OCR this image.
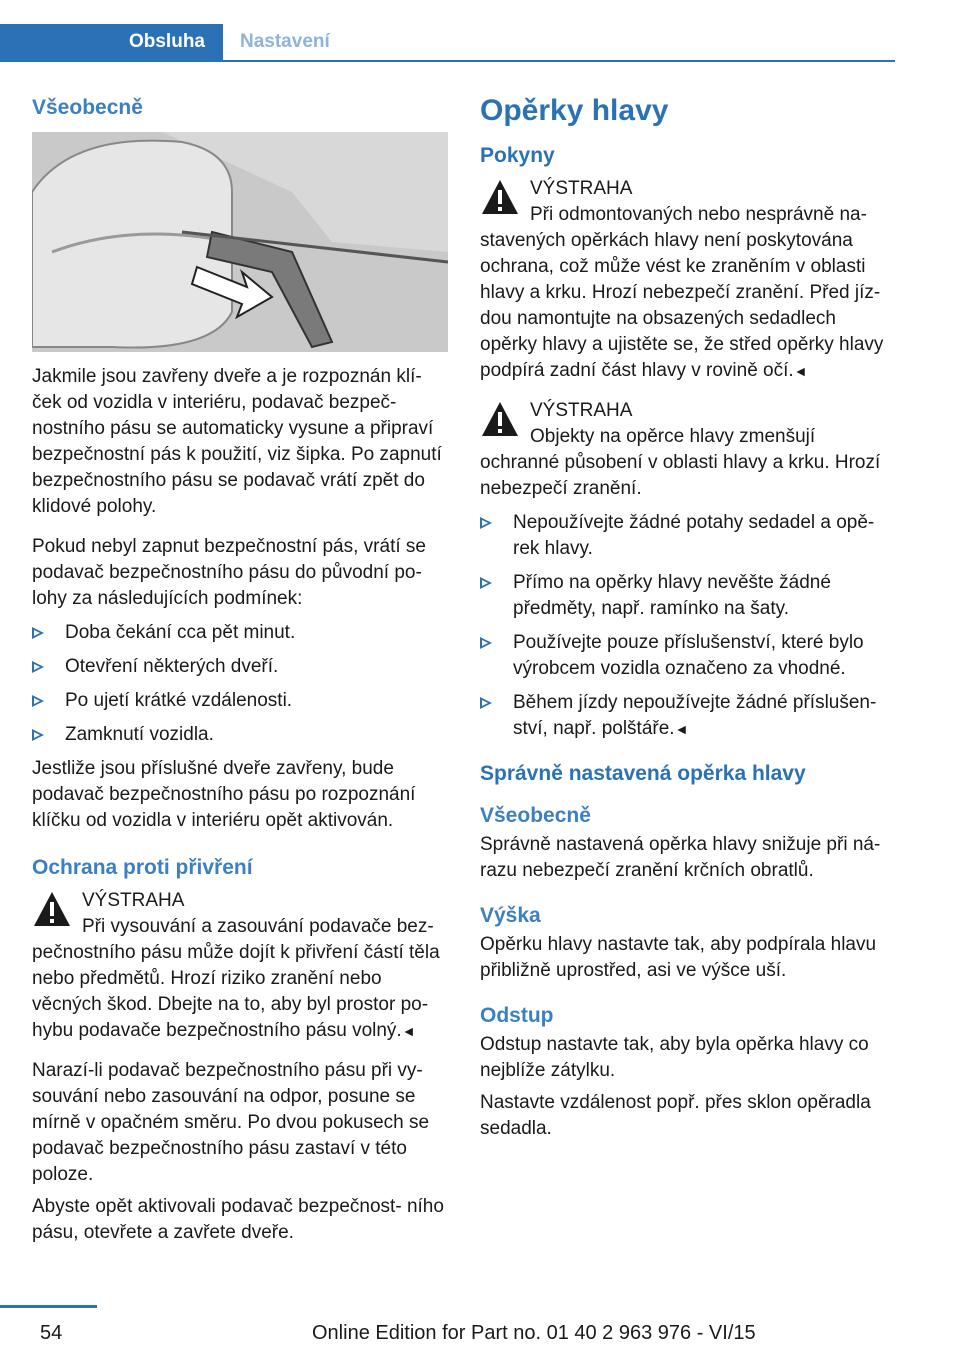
Obsluha	Nastavení
Všeobecně

Jakmile jsou zavřeny dveře a je rozpoznán klí- ček od vozidla v interiéru, podavač bezpeč- nostního pásu se automaticky vysune a připraví bezpečnostní pás k použití, viz šipka. Po zapnutí bezpečnostního pásu se podavač vrátí zpět do klidové polohy.

Pokud nebyl zapnut bezpečnostní pás, vrátí se podavač bezpečnostního pásu do původní po- lohy za následujících podmínek:

Doba čekání cca pět minut.
Otevření některých dveří.
Po ujetí krátké vzdálenosti.
Zamknutí vozidla.

Jestliže jsou příslušné dveře zavřeny, bude podavač bezpečnostního pásu po rozpoznání klíčku od vozidla v interiéru opět aktivován.

Ochrana proti přivření
VÝSTRAHA
Při vysouvání a zasouvání podavače bez- pečnostního pásu může dojít k přivření částí těla nebo předmětů. Hrozí riziko zranění nebo věcných škod. Dbejte na to, aby byl prostor po- hybu podavače bezpečnostního pásu volný.◄

Narazí-li podavač bezpečnostního pásu při vy- souvání nebo zasouvání na odpor, posune se mírně v opačném směru. Po dvou pokusech se podavač bezpečnostního pásu zastaví v této poloze.

Abyste opět aktivovali podavač bezpečnost- ního pásu, otevřete a zavřete dveře.

Opěrky hlavy
Pokyny
VÝSTRAHA
Při odmontovaných nebo nesprávně na- stavených opěrkách hlavy není poskytována ochrana, což může vést ke zraněním v oblasti hlavy a krku. Hrozí nebezpečí zranění. Před jíz- dou namontujte na obsazených sedadlech opěrky hlavy a ujistěte se, že střed opěrky hlavy podpírá zadní část hlavy v rovině očí.◄
VÝSTRAHA
Objekty na opěrce hlavy zmenšují ochranné působení v oblasti hlavy a krku. Hrozí nebezpečí zranění.
Nepoužívejte žádné potahy sedadel a opě- rek hlavy.
Přímo na opěrky hlavy nevěšte žádné předměty, např. ramínko na šaty.
Používejte pouze příslušenství, které bylo výrobcem vozidla označeno za vhodné.
Během jízdy nepoužívejte žádné příslušen- ství, např. polštáře.◄
Správně nastavená opěrka hlavy
Všeobecně

Správně nastavená opěrka hlavy snižuje při ná- razu nebezpečí zranění krčních obratlů.

Výška

Opěrku hlavy nastavte tak, aby podpírala hlavu přibližně uprostřed, asi ve výšce uší.

Odstup

Odstup nastavte tak, aby byla opěrka hlavy co nejblíže zátylku.

Nastavte vzdálenost popř. přes sklon opěradla sedadla.

54	Online Edition for Part no. 01 40 2 963 976 - VI/15
